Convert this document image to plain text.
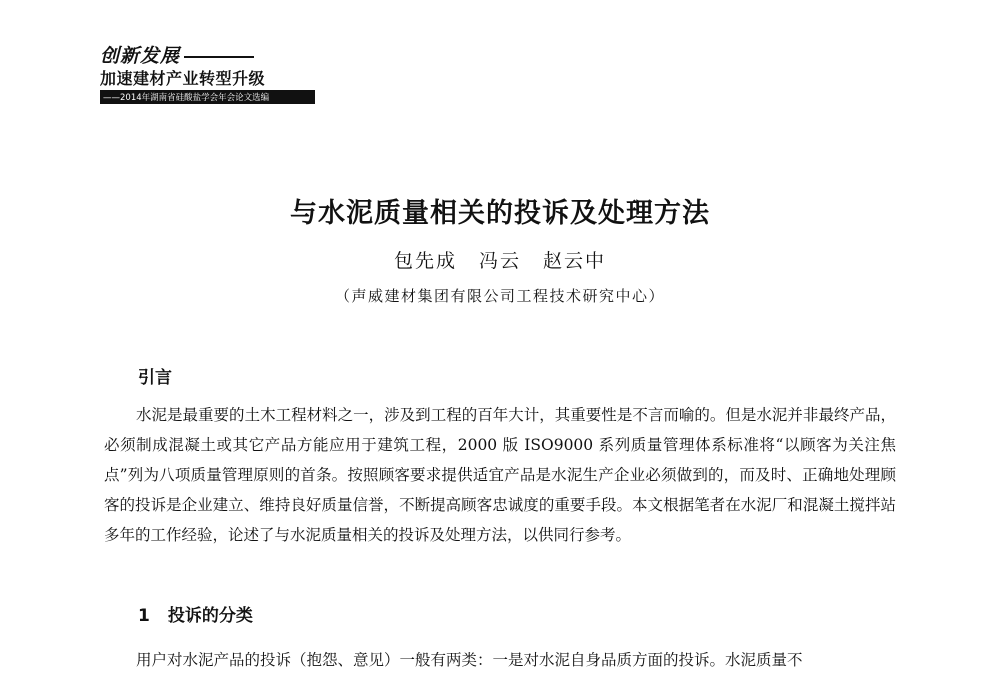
创新发展
加速建材产业转型升级
——2014年湖南省硅酸盐学会年会论文选编
与水泥质量相关的投诉及处理方法
包先成 冯云 赵云中
（声威建材集团有限公司工程技术研究中心）
引言

水泥是最重要的土木工程材料之一，涉及到工程的百年大计，其重要性是不言而喻的。但是水泥并非最终产品，必须制成混凝土或其它产品方能应用于建筑工程，2000 版 ISO9000 系列质量管理体系标准将“以顾客为关注焦点”列为八项质量管理原则的首条。按照顾客要求提供适宜产品是水泥生产企业必须做到的，而及时、正确地处理顾客的投诉是企业建立、维持良好质量信誉，不断提高顾客忠诚度的重要手段。本文根据笔者在水泥厂和混凝土搅拌站多年的工作经验，论述了与水泥质量相关的投诉及处理方法，以供同行参考。

1 投诉的分类

用户对水泥产品的投诉（抱怨、意见）一般有两类：一是对水泥自身品质方面的投诉。水泥质量不
